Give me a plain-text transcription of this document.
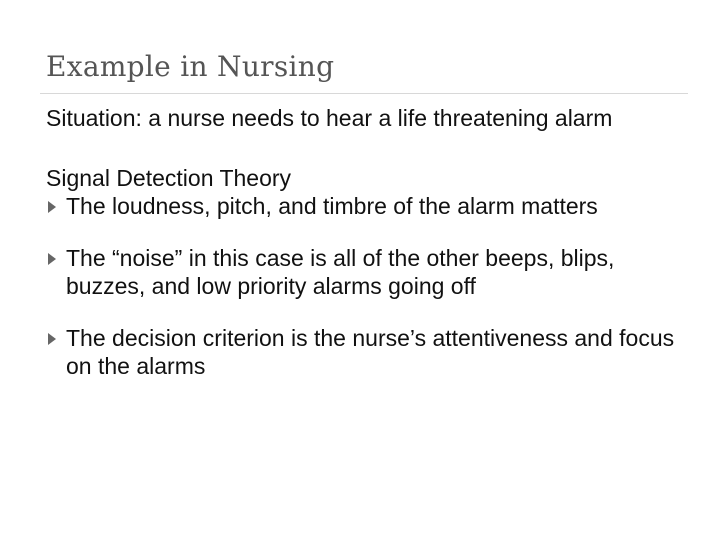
Example in Nursing

Situation: a nurse needs to hear a life threatening alarm

Signal Detection Theory

The loudness, pitch, and timbre of the alarm matters

The “noise” in this case is all of the other beeps, blips, buzzes, and low priority alarms going off

The decision criterion is the nurse’s attentiveness and focus on the alarms
